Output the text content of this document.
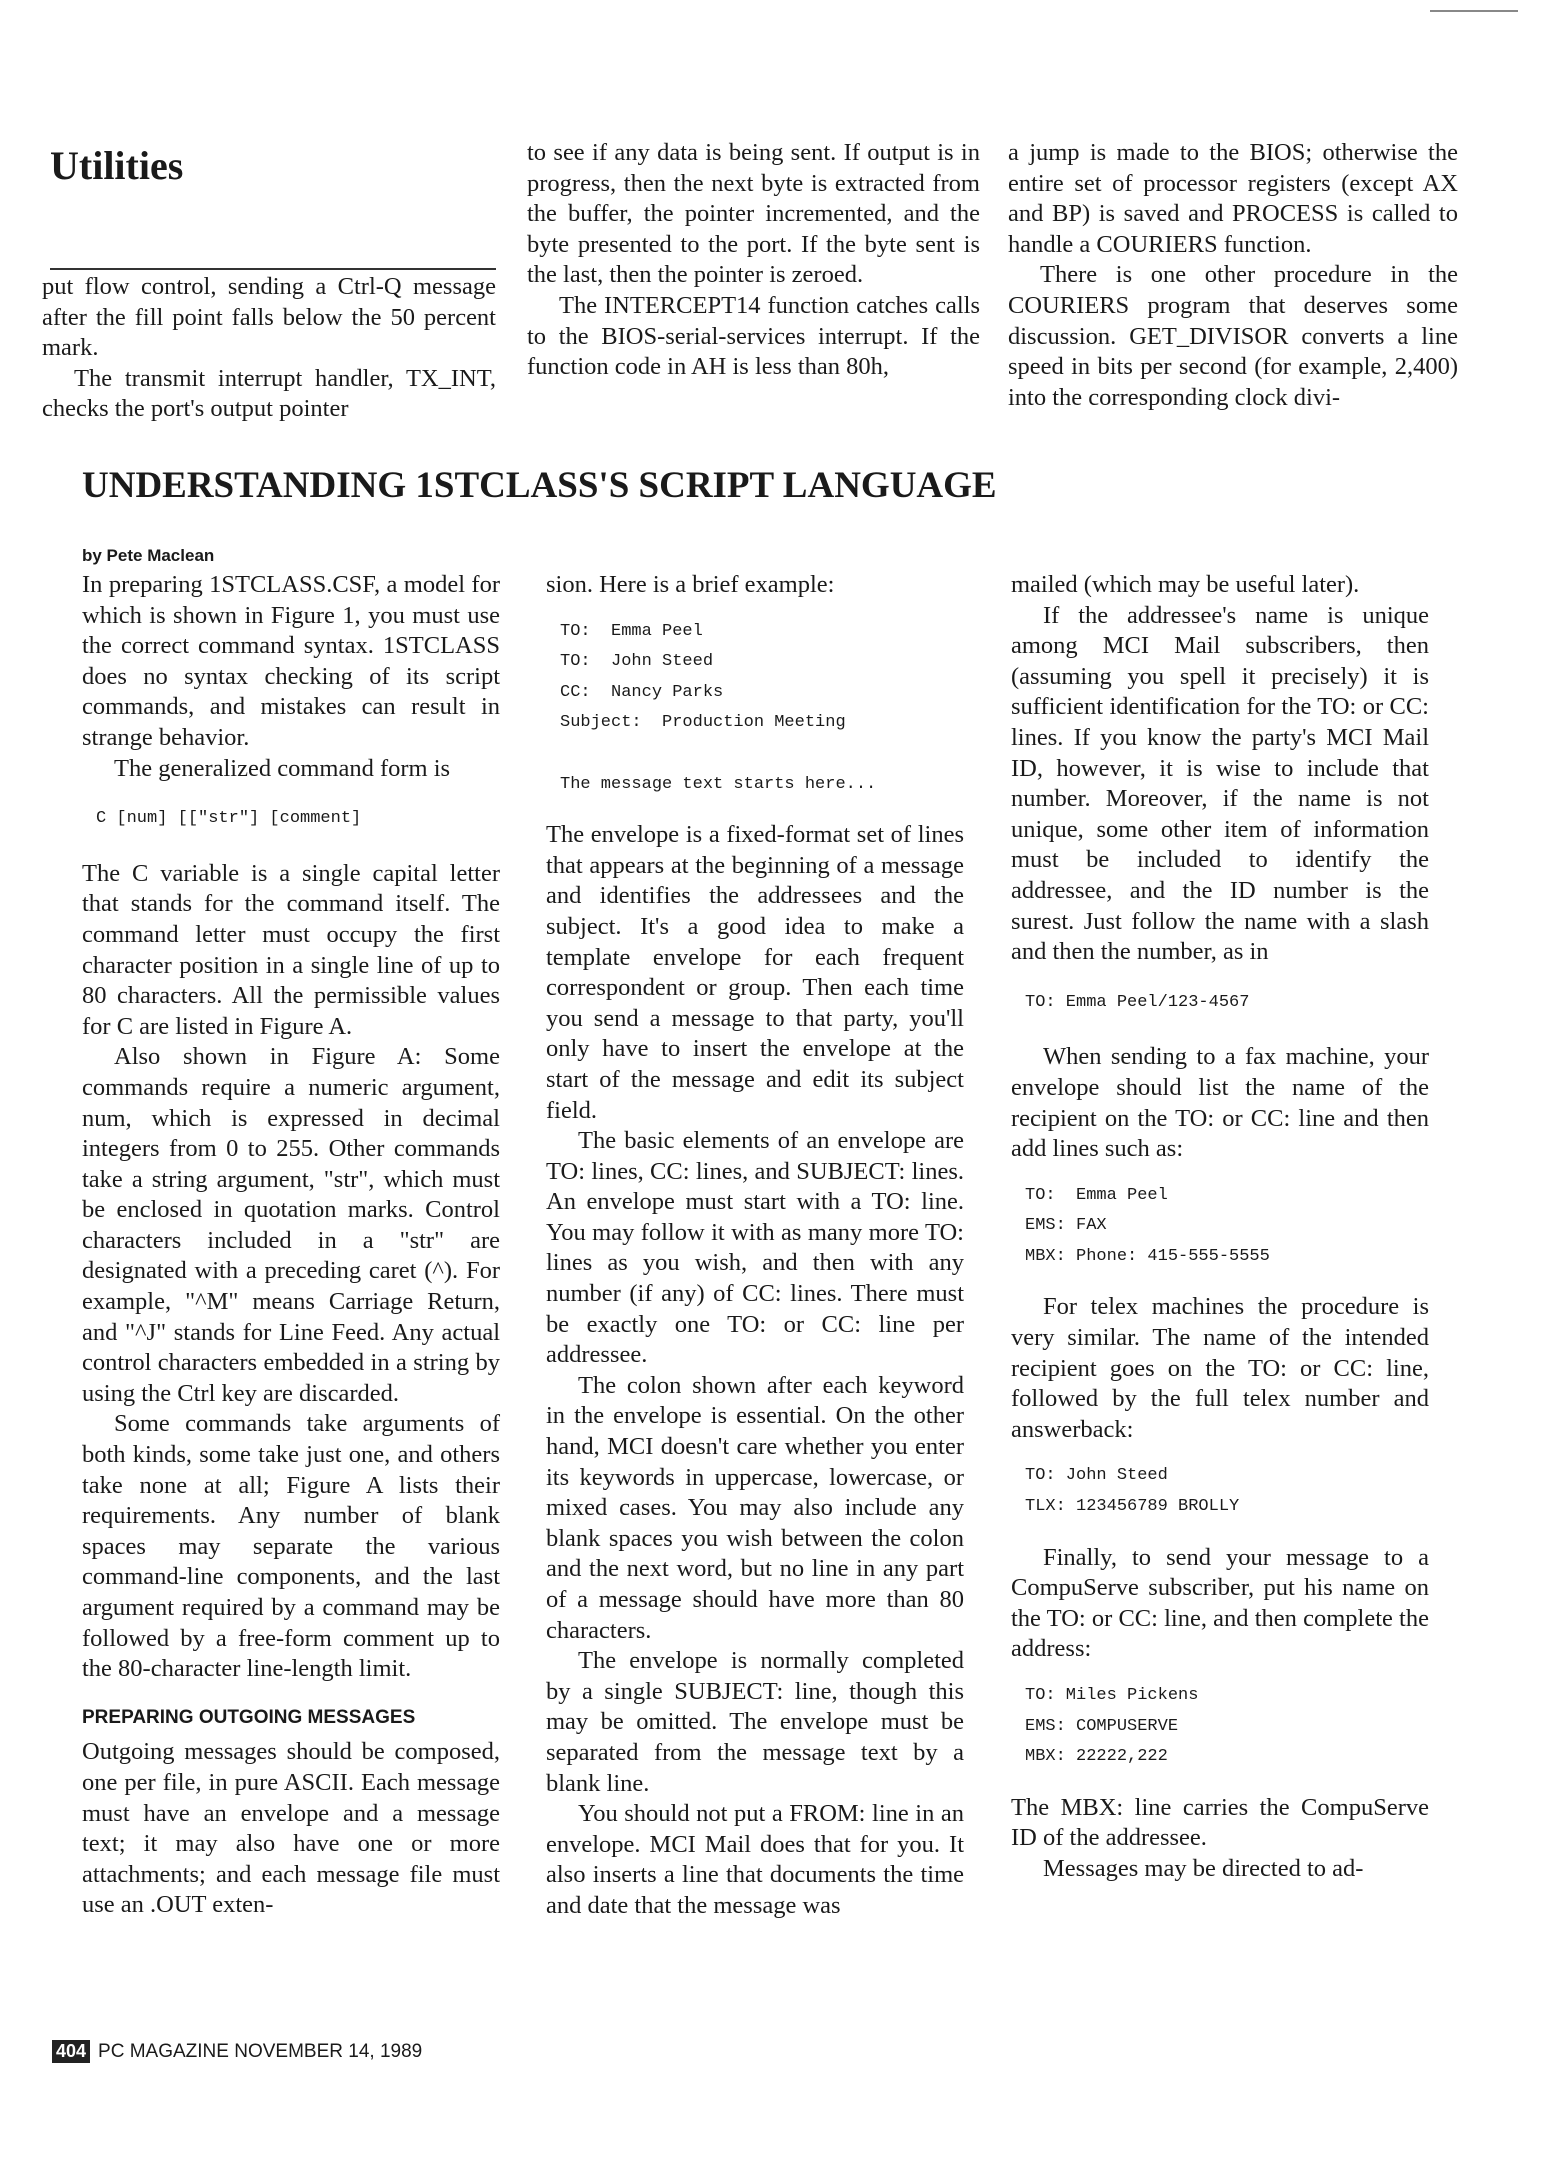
Utilities

put flow control, sending a Ctrl-Q message after the fill point falls below the 50 percent mark.

The transmit interrupt handler, TX_INT, checks the port's output pointer

to see if any data is being sent. If output is in progress, then the next byte is extracted from the buffer, the pointer incremented, and the byte presented to the port. If the byte sent is the last, then the pointer is zeroed.

The INTERCEPT14 function catches calls to the BIOS-serial-services interrupt. If the function code in AH is less than 80h,

a jump is made to the BIOS; otherwise the entire set of processor registers (except AX and BP) is saved and PROCESS is called to handle a COURIERS function.

There is one other procedure in the COURIERS program that deserves some discussion. GET_DIVISOR converts a line speed in bits per second (for example, 2,400) into the corresponding clock divi-

UNDERSTANDING 1STCLASS'S SCRIPT LANGUAGE
by Pete Maclean

In preparing 1STCLASS.CSF, a model for which is shown in Figure 1, you must use the correct command syntax. 1STCLASS does no syntax checking of its script commands, and mistakes can result in strange behavior.

The generalized command form is

C [num] [["str"] [comment]

The C variable is a single capital letter that stands for the command itself. The command letter must occupy the first character position in a single line of up to 80 characters. All the permissible values for C are listed in Figure A.

Also shown in Figure A: Some commands require a numeric argument, num, which is expressed in decimal integers from 0 to 255. Other commands take a string argument, "str", which must be enclosed in quotation marks. Control characters included in a "str" are designated with a preceding caret (^). For example, "^M" means Carriage Return, and "^J" stands for Line Feed. Any actual control characters embedded in a string by using the Ctrl key are discarded.

Some commands take arguments of both kinds, some take just one, and others take none at all; Figure A lists their requirements. Any number of blank spaces may separate the various command-line components, and the last argument required by a command may be followed by a free-form comment up to the 80-character line-length limit.

PREPARING OUTGOING MESSAGES

Outgoing messages should be composed, one per file, in pure ASCII. Each message must have an envelope and a message text; it may also have one or more attachments; and each message file must use an .OUT exten-

sion. Here is a brief example:

TO:  Emma Peel
TO:  John Steed
CC:  Nancy Parks
Subject:  Production Meeting

The message text starts here...

The envelope is a fixed-format set of lines that appears at the beginning of a message and identifies the addressees and the subject. It's a good idea to make a template envelope for each frequent correspondent or group. Then each time you send a message to that party, you'll only have to insert the envelope at the start of the message and edit its subject field.

The basic elements of an envelope are TO: lines, CC: lines, and SUBJECT: lines. An envelope must start with a TO: line. You may follow it with as many more TO: lines as you wish, and then with any number (if any) of CC: lines. There must be exactly one TO: or CC: line per addressee.

The colon shown after each keyword in the envelope is essential. On the other hand, MCI doesn't care whether you enter its keywords in uppercase, lowercase, or mixed cases. You may also include any blank spaces you wish between the colon and the next word, but no line in any part of a message should have more than 80 characters.

The envelope is normally completed by a single SUBJECT: line, though this may be omitted. The envelope must be separated from the message text by a blank line.

You should not put a FROM: line in an envelope. MCI Mail does that for you. It also inserts a line that documents the time and date that the message was

mailed (which may be useful later).

If the addressee's name is unique among MCI Mail subscribers, then (assuming you spell it precisely) it is sufficient identification for the TO: or CC: lines. If you know the party's MCI Mail ID, however, it is wise to include that number. Moreover, if the name is not unique, some other item of information must be included to identify the addressee, and the ID number is the surest. Just follow the name with a slash and then the number, as in

TO: Emma Peel/123-4567

When sending to a fax machine, your envelope should list the name of the recipient on the TO: or CC: line and then add lines such as:

TO:  Emma Peel
EMS: FAX
MBX: Phone: 415-555-5555

For telex machines the procedure is very similar. The name of the intended recipient goes on the TO: or CC: line, followed by the full telex number and answerback:

TO: John Steed
TLX: 123456789 BROLLY

Finally, to send your message to a CompuServe subscriber, put his name on the TO: or CC: line, and then complete the address:

TO: Miles Pickens
EMS: COMPUSERVE
MBX: 22222,222

The MBX: line carries the CompuServe ID of the addressee.

Messages may be directed to ad-

404 PC MAGAZINE NOVEMBER 14, 1989
